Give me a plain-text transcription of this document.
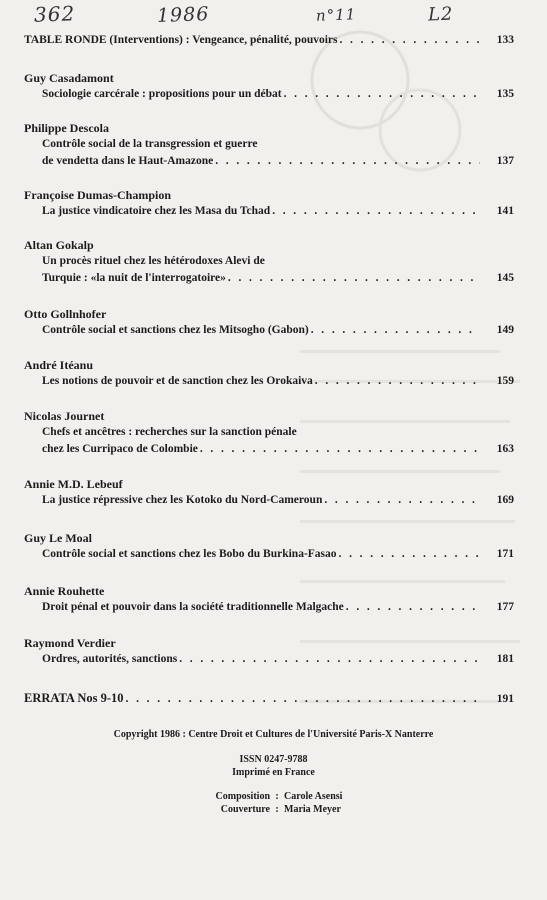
362	1986	n°11	L2
TABLE RONDE (Interventions) : Vengeance, pénalité, pouvoirs . . .	133
Guy Casadamont
Sociologie carcérale : propositions pour un débat . . .	135
Philippe Descola
Contrôle social de la transgression et guerre
de vendetta dans le Haut-Amazone . . .	137
Françoise Dumas-Champion
La justice vindicatoire chez les Masa du Tchad . . .	141
Altan Gokalp
Un procès rituel chez les hétérodoxes Alevi de
Turquie : «la nuit de l'interrogatoire» . . .	145
Otto Gollnhofer
Contrôle social et sanctions chez les Mitsogho (Gabon) . . .	149
André Itéanu
Les notions de pouvoir et de sanction chez les Orokaiva . . .	159
Nicolas Journet
Chefs et ancêtres : recherches sur la sanction pénale
chez les Curripaco de Colombie . . .	163
Annie M.D. Lebeuf
La justice répressive chez les Kotoko du Nord-Cameroun . . .	169
Guy Le Moal
Contrôle social et sanctions chez les Bobo du Burkina-Fasao . . .	171
Annie Rouhette
Droit pénal et pouvoir dans la société traditionnelle Malgache . . .	177
Raymond Verdier
Ordres, autorités, sanctions . . .	181
ERRATA Nos 9-10 . . .	191
Copyright 1986 : Centre Droit et Cultures de l'Université Paris-X Nanterre
ISSN 0247-9788
Imprimé en France
Composition : Carole Asensi
Couverture : Maria Meyer
